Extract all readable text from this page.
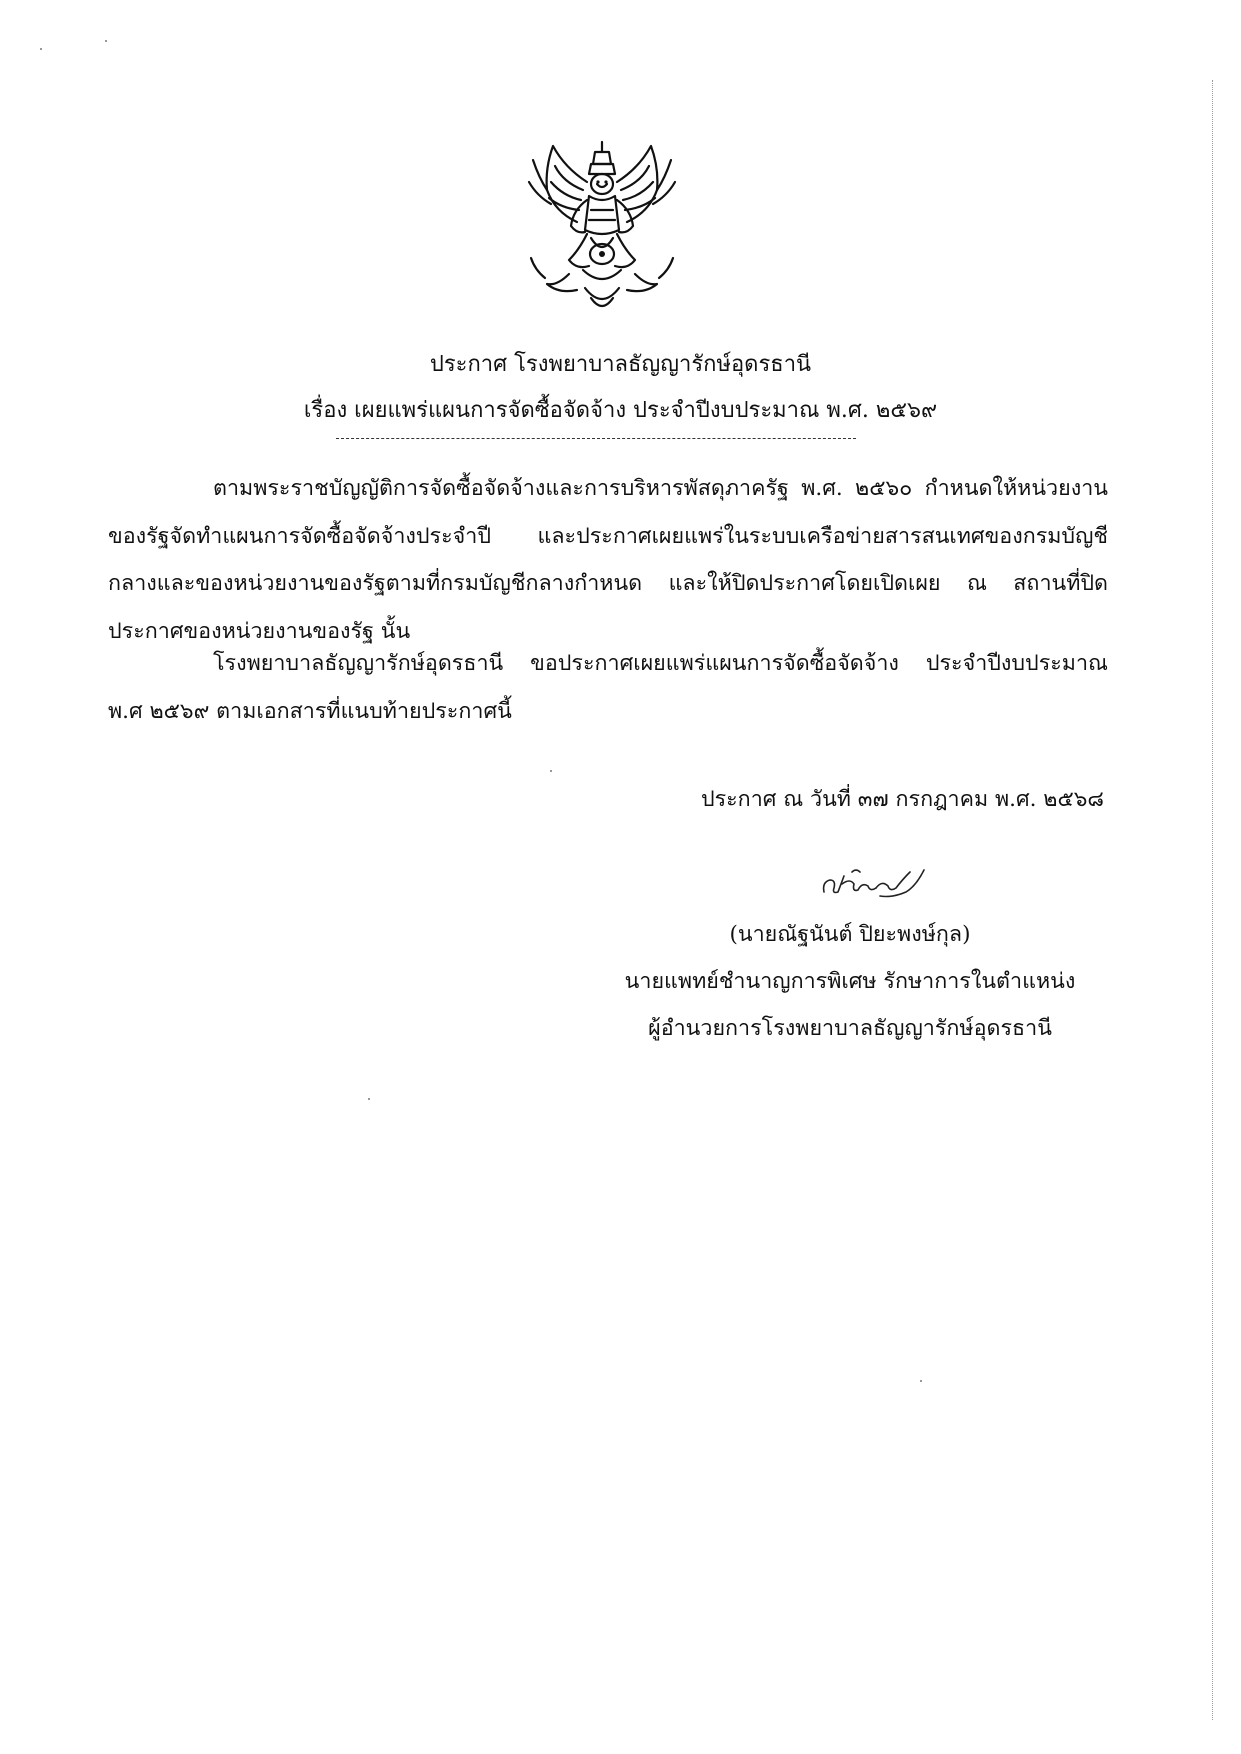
ประกาศ โรงพยาบาลธัญญารักษ์อุดรธานี
เรื่อง เผยแพร่แผนการจัดซื้อจัดจ้าง ประจำปีงบประมาณ พ.ศ. ๒๕๖๙
ตามพระราชบัญญัติการจัดซื้อจัดจ้างและการบริหารพัสดุภาครัฐ พ.ศ. ๒๕๖๐ กำหนดให้หน่วยงานของรัฐจัดทำแผนการจัดซื้อจัดจ้างประจำปี และประกาศเผยแพร่ในระบบเครือข่ายสารสนเทศของกรมบัญชีกลางและของหน่วยงานของรัฐตามที่กรมบัญชีกลางกำหนด และให้ปิดประกาศโดยเปิดเผย ณ สถานที่ปิดประกาศของหน่วยงานของรัฐ นั้น
โรงพยาบาลธัญญารักษ์อุดรธานี ขอประกาศเผยแพร่แผนการจัดซื้อจัดจ้าง ประจำปีงบประมาณ พ.ศ ๒๕๖๙ ตามเอกสารที่แนบท้ายประกาศนี้
ประกาศ ณ วันที่ ๓๗ กรกฎาคม พ.ศ. ๒๕๖๘
(นายณัฐนันต์ ปิยะพงษ์กุล)
นายแพทย์ชำนาญการพิเศษ รักษาการในตำแหน่ง
ผู้อำนวยการโรงพยาบาลธัญญารักษ์อุดรธานี
